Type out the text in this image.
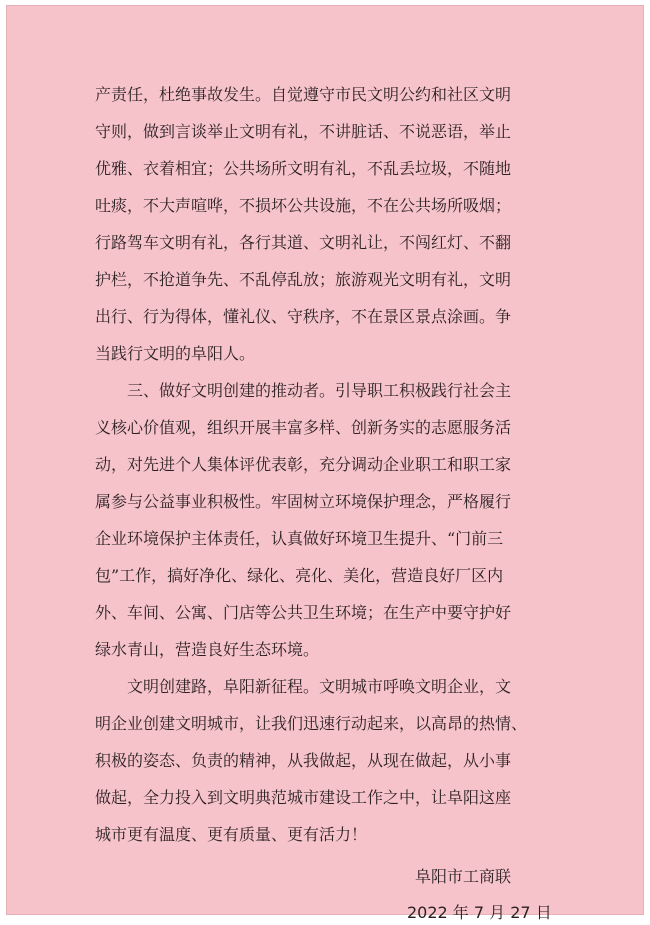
产责任，杜绝事故发生。自觉遵守市民文明公约和社区文明
守则，做到言谈举止文明有礼，不讲脏话、不说恶语，举止
优雅、衣着相宜；公共场所文明有礼，不乱丢垃圾，不随地
吐痰，不大声喧哗，不损坏公共设施，不在公共场所吸烟；
行路驾车文明有礼，各行其道、文明礼让，不闯红灯、不翻
护栏，不抢道争先、不乱停乱放；旅游观光文明有礼，文明
出行、行为得体，懂礼仪、守秩序，不在景区景点涂画。争
当践行文明的阜阳人。
　　三、做好文明创建的推动者。引导职工积极践行社会主
义核心价值观，组织开展丰富多样、创新务实的志愿服务活
动，对先进个人集体评优表彰，充分调动企业职工和职工家
属参与公益事业积极性。牢固树立环境保护理念，严格履行
企业环境保护主体责任，认真做好环境卫生提升、“门前三
包”工作，搞好净化、绿化、亮化、美化，营造良好厂区内
外、车间、公寓、门店等公共卫生环境；在生产中要守护好
绿水青山，营造良好生态环境。
　　文明创建路，阜阳新征程。文明城市呼唤文明企业，文
明企业创建文明城市，让我们迅速行动起来，以高昂的热情、
积极的姿态、负责的精神，从我做起，从现在做起，从小事
做起，全力投入到文明典范城市建设工作之中，让阜阳这座
城市更有温度、更有质量、更有活力！
阜阳市工商联
2022 年 7 月 27 日
